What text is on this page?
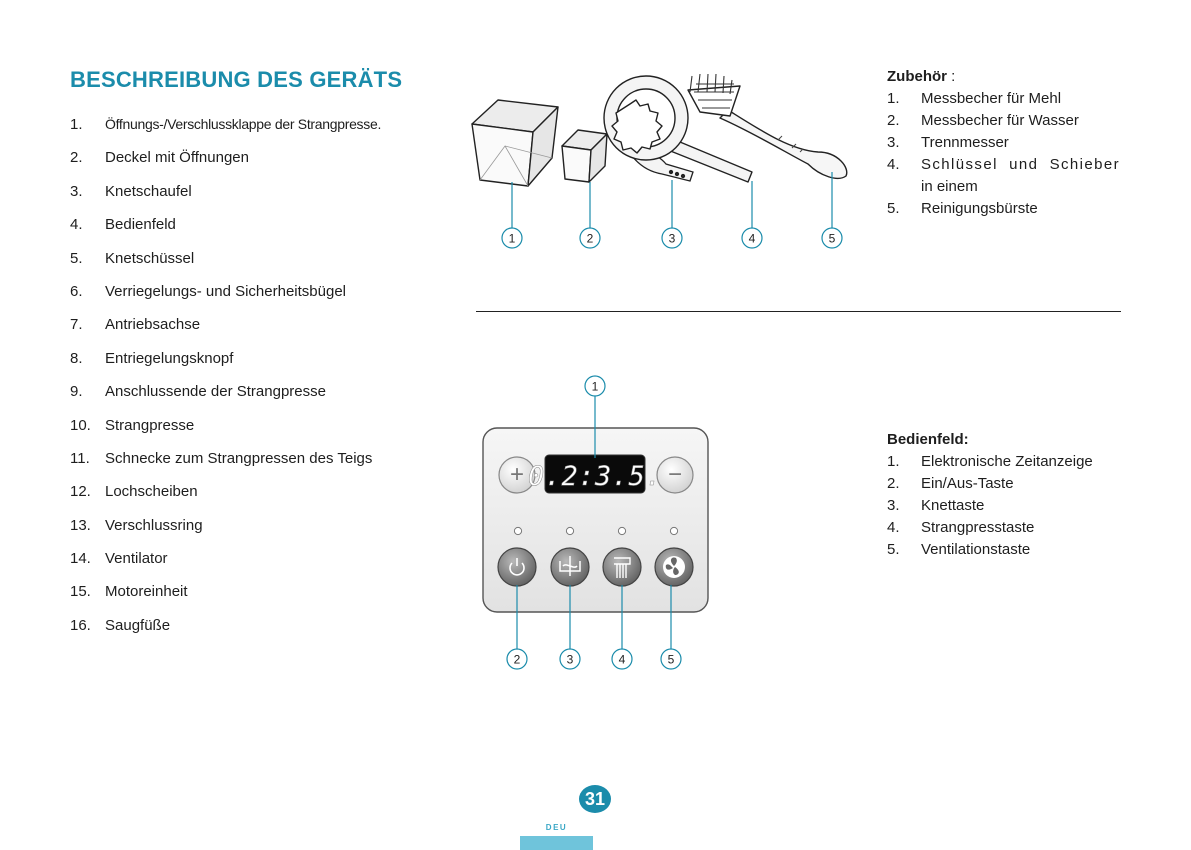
BESCHREIBUNG DES GERÄTS
1.	Öffnungs-/Verschlussklappe der Strangpresse.
2.	Deckel mit Öffnungen
3.	Knetschaufel
4.	Bedienfeld
5.	Knetschüssel
6.	Verriegelungs- und Sicherheitsbügel
7.	Antriebsachse
8.	Entriegelungsknopf
9.	Anschlussende der Strangpresse
10. Strangpresse
11.	Schnecke zum Strangpressen des Teigs
12. Lochscheiben
13. Verschlussring
14. Ventilator
15. Motoreinheit
16. Saugfüße
Zubehör :
1. Messbecher für Mehl
2. Messbecher für Wasser
3. Trennmesser
4. Schlüssel und Schieber
in einem
5. Reinigungsbürste
Bedienfeld:
1. Elektronische Zeitanzeige
2. Ein/Aus-Taste
3. Knettaste
4. Strangpresstaste
5. Ventilationstaste
1	2	3	4	5
+	−
0.2:3.5.
1
2	3	4	5
31
DEU
